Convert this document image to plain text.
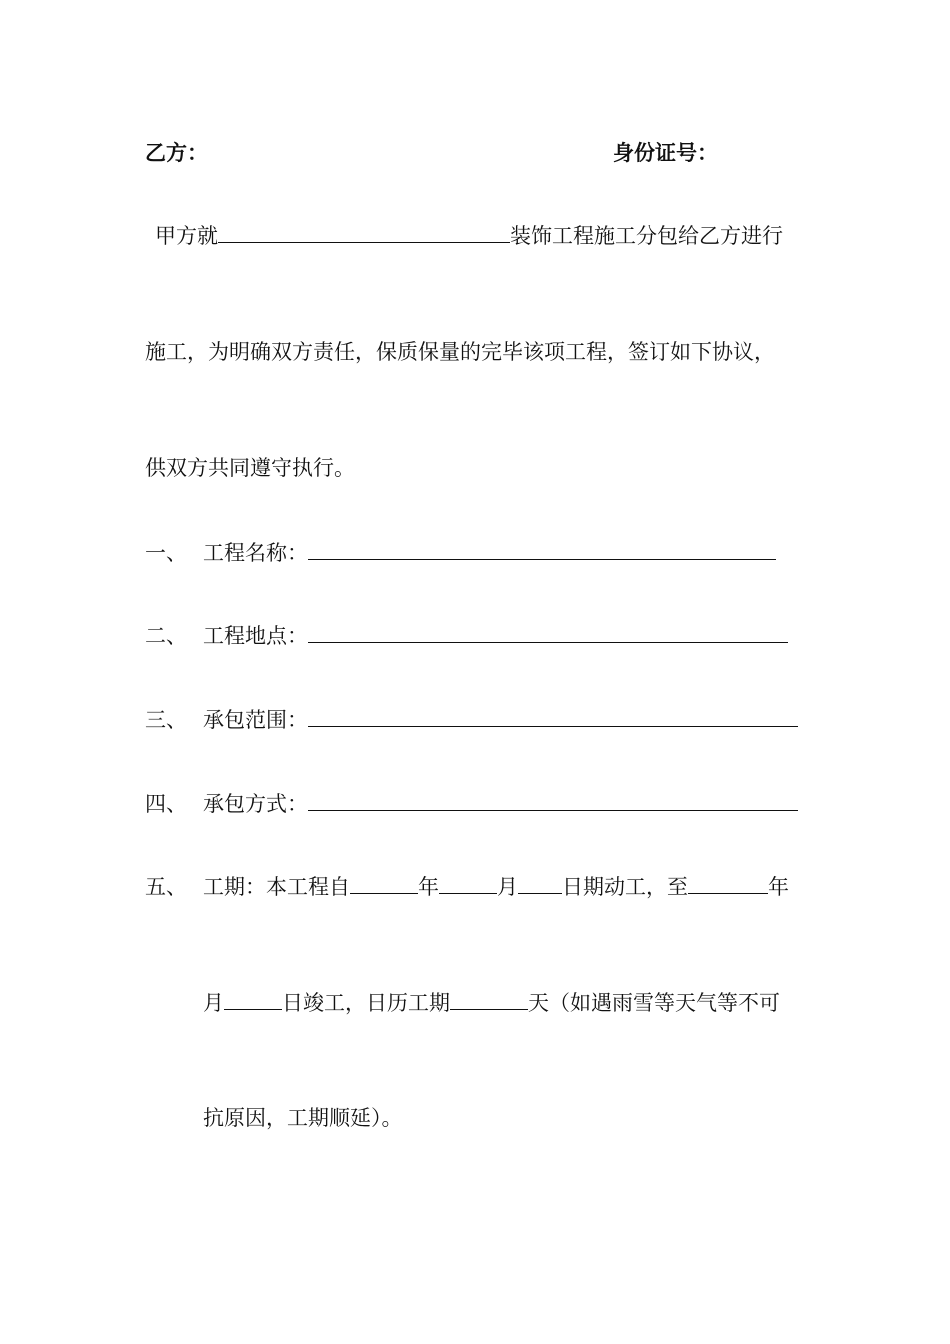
乙方：	身份证号：
甲方就	装饰工程施工分包给乙方进行
施工，为明确双方责任，保质保量的完毕该项工程，签订如下协议，
供双方共同遵守执行。
一、 工程名称：
二、 工程地点：
三、 承包范围：
四、 承包方式：
五、 工期：本工程自	年	月 日期动工，至	年
月	日竣工，日历工期	天（如遇雨雪等天气等不可
抗原因，工期顺延）。
